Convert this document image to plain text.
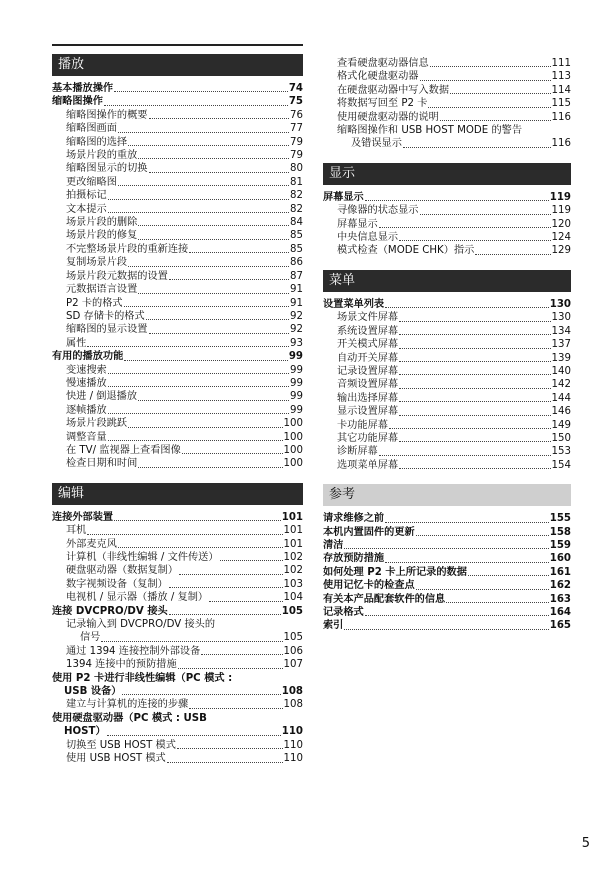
播放
基本播放操作	74
缩略图操作	75
缩略图操作的概要	76
缩略图画面	77
缩略图的选择	79
场景片段的重放	79
缩略图显示的切换	80
更改缩略图	81
拍摄标记	82
文本提示	82
场景片段的删除	84
场景片段的修复	85
不完整场景片段的重新连接	85
复制场景片段	86
场景片段元数据的设置	87
元数据语言设置	91
P2 卡的格式	91
SD 存储卡的格式	92
缩略图的显示设置	92
属性	93
有用的播放功能	99
变速搜索	99
慢速播放	99
快进 / 倒退播放	99
逐帧播放	99
场景片段跳跃	100
调整音量	100
在 TV/ 监视器上查看图像	100
检查日期和时间	100
编辑
连接外部装置	101
耳机	101
外部麦克风	101
计算机（非线性编辑 / 文件传送）	102
硬盘驱动器（数据复制）	102
数字视频设备（复制）	103
电视机 / 显示器（播放 / 复制）	104
连接 DVCPRO/DV 接头	105
记录输入到 DVCPRO/DV 接头的
信号	105
通过 1394 连接控制外部设备	106
1394 连接中的预防措施	107
使用 P2 卡进行非线性编辑（PC 模式 :
USB 设备）	108
建立与计算机的连接的步骤	108
使用硬盘驱动器（PC 模式 : USB
HOST）	110
切换至 USB HOST 模式	110
使用 USB HOST 模式	110
查看硬盘驱动器信息	111
格式化硬盘驱动器	113
在硬盘驱动器中写入数据	114
将数据写回至 P2 卡	115
使用硬盘驱动器的说明	116
缩略图操作和 USB HOST MODE 的警告
及错误显示	116
显示
屏幕显示	119
寻像器的状态显示	119
屏幕显示	120
中央信息显示	124
模式检查（MODE CHK）指示	129
菜单
设置菜单列表	130
场景文件屏幕	130
系统设置屏幕	134
开关模式屏幕	137
自动开关屏幕	139
记录设置屏幕	140
音频设置屏幕	142
输出选择屏幕	144
显示设置屏幕	146
卡功能屏幕	149
其它功能屏幕	150
诊断屏幕	153
选项菜单屏幕	154
参考
请求维修之前	155
本机内置固件的更新	158
清洁	159
存放预防措施	160
如何处理 P2 卡上所记录的数据	161
使用记忆卡的检查点	162
有关本产品配套软件的信息	163
记录格式	164
索引	165
5
